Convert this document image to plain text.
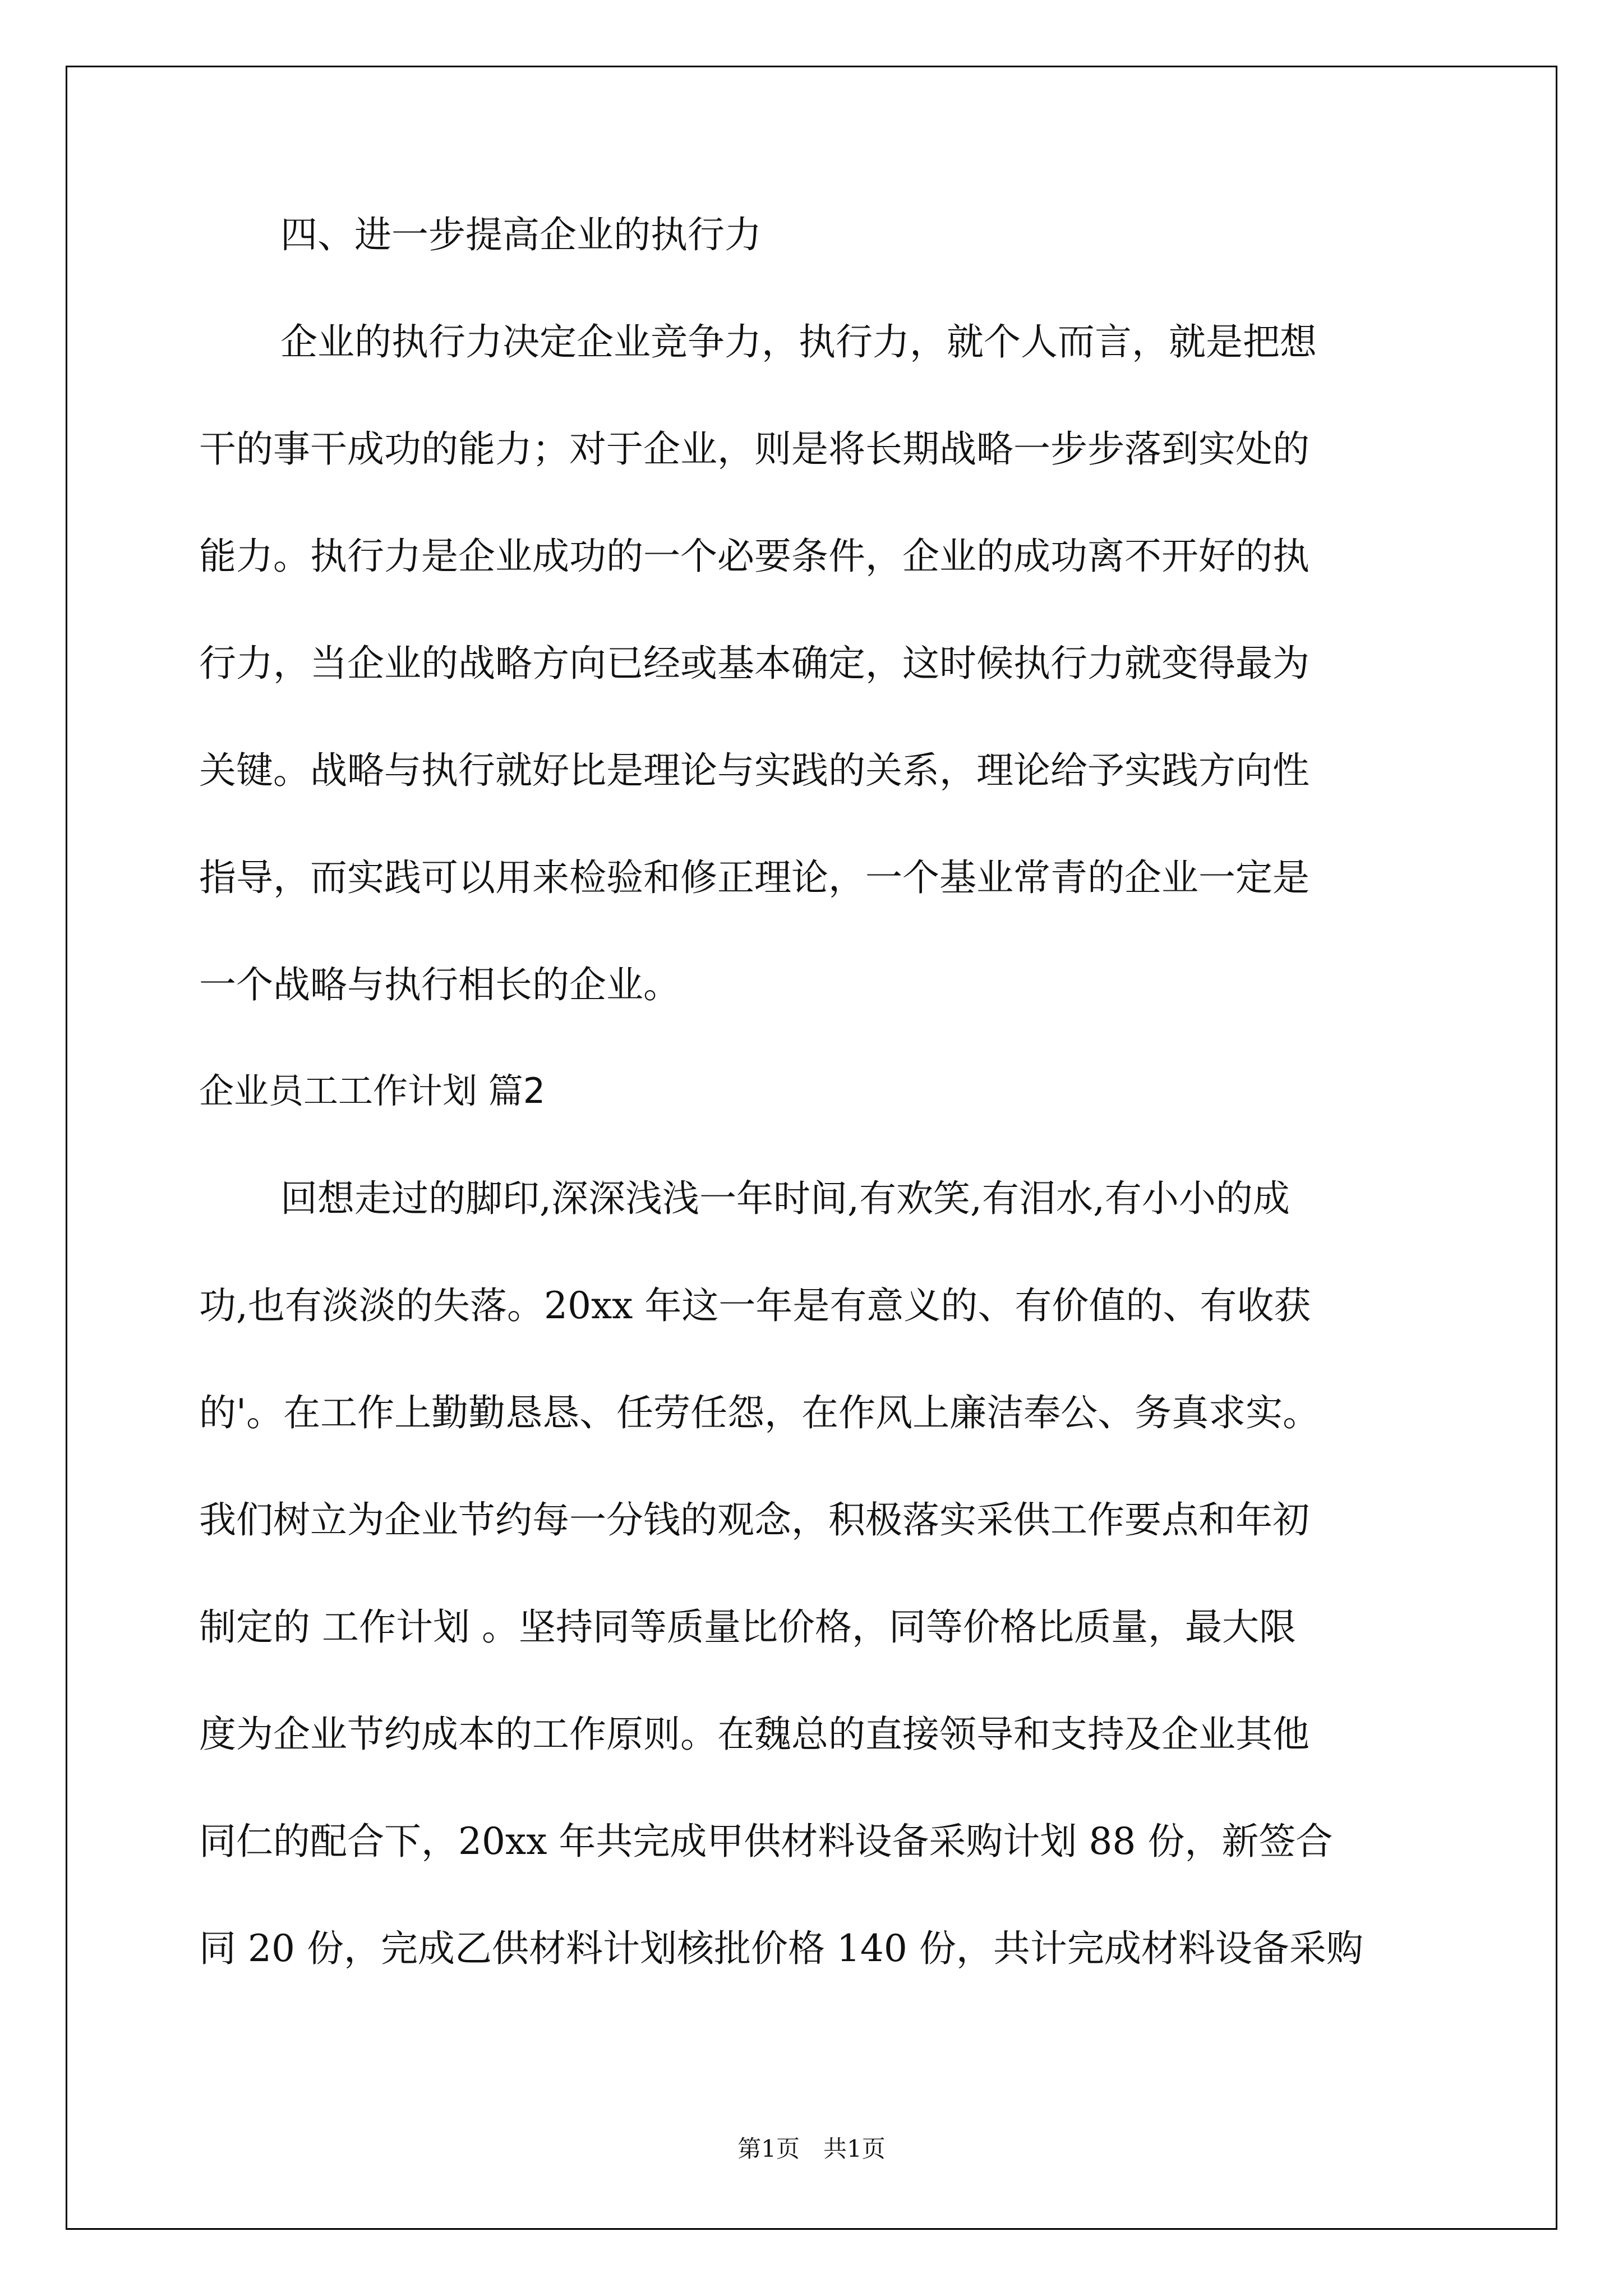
四、进一步提高企业的执行力
企业的执行力决定企业竞争力，执行力，就个人而言，就是把想
干的事干成功的能力；对于企业，则是将长期战略一步步落到实处的
能力。执行力是企业成功的一个必要条件，企业的成功离不开好的执
行力，当企业的战略方向已经或基本确定，这时候执行力就变得最为
关键。战略与执行就好比是理论与实践的关系，理论给予实践方向性
指导，而实践可以用来检验和修正理论，一个基业常青的企业一定是
一个战略与执行相长的企业。
企业员工工作计划 篇2
回想走过的脚印,深深浅浅一年时间,有欢笑,有泪水,有小小的成
功,也有淡淡的失落。20xx 年这一年是有意义的、有价值的、有收获
的'。在工作上勤勤恳恳、任劳任怨，在作风上廉洁奉公、务真求实。
我们树立为企业节约每一分钱的观念，积极落实采供工作要点和年初
制定的 工作计划 。坚持同等质量比价格，同等价格比质量，最大限
度为企业节约成本的工作原则。在魏总的直接领导和支持及企业其他
同仁的配合下，20xx 年共完成甲供材料设备采购计划 88 份，新签合
同 20 份，完成乙供材料计划核批价格 140 份，共计完成材料设备采购
第1页　共1页
